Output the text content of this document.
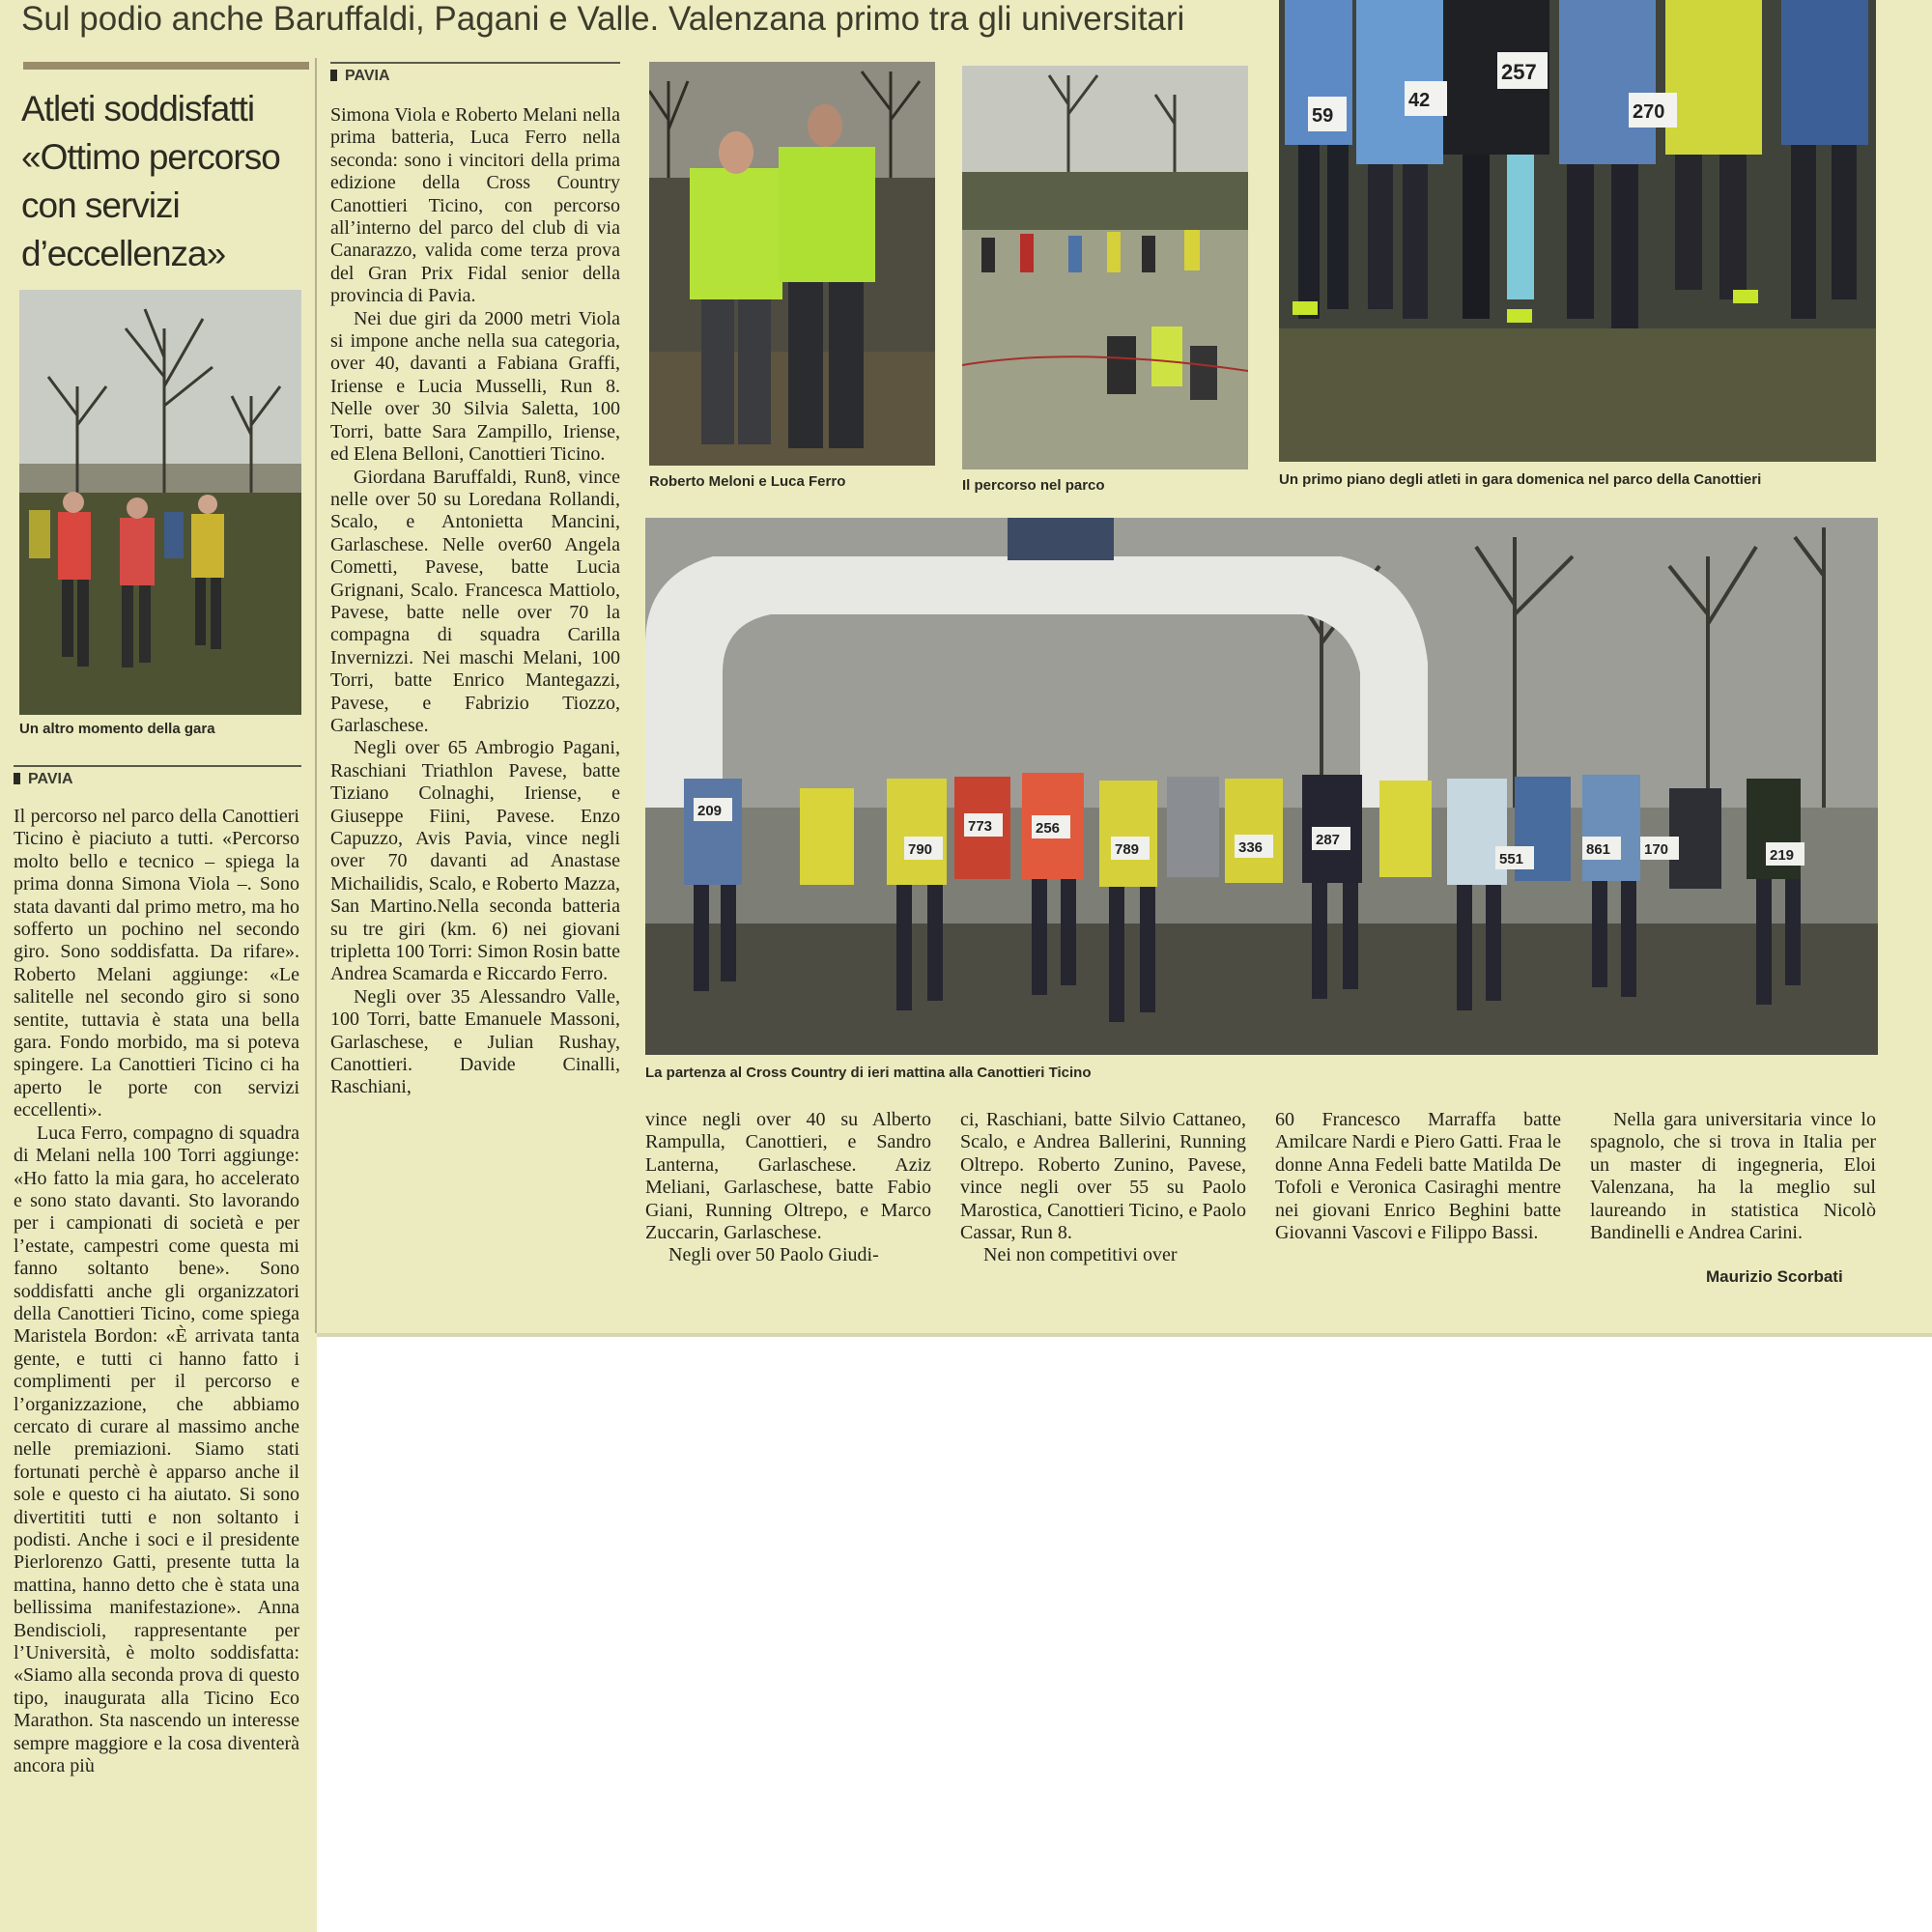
Sul podio anche Baruffaldi, Pagani e Valle. Valenzana primo tra gli universitari
Atleti soddisfatti
«Ottimo percorso
con servizi
d’eccellenza»
Un altro momento della gara
PAVIA

Il percorso nel parco della Canottieri Ticino è piaciuto a tutti. «Percorso molto bello e tecnico – spiega la prima donna Simona Viola –. Sono stata davanti dal primo metro, ma ho sofferto un pochino nel secondo giro. Sono soddisfatta. Da rifare». Roberto Melani aggiunge: «Le salitelle nel secondo giro si sono sentite, tuttavia è stata una bella gara. Fondo morbido, ma si poteva spingere. La Canottieri Ticino ci ha aperto le porte con servizi eccellenti».

Luca Ferro, compagno di squadra di Melani nella 100 Torri aggiunge: «Ho fatto la mia gara, ho accelerato e sono stato davanti. Sto lavorando per i campionati di società e per l’estate, campestri come questa mi fanno soltanto bene». Sono soddisfatti anche gli organizzatori della Canottieri Ticino, come spiega Maristela Bordon: «È arrivata tanta gente, e tutti ci hanno fatto i complimenti per il percorso e l’organizzazione, che abbiamo cercato di curare al massimo anche nelle premiazioni. Siamo stati fortunati perchè è apparso anche il sole e questo ci ha aiutato. Si sono divertititi tutti e non soltanto i podisti. Anche i soci e il presidente Pierlorenzo Gatti, presente tutta la mattina, hanno detto che è stata una bellissima manifestazione». Anna Bendiscioli, rappresentante per l’Università, è molto soddisfatta: «Siamo alla seconda prova di questo tipo, inaugurata alla Ticino Eco Marathon. Sta nascendo un interesse sempre maggiore e la cosa diventerà ancora più

PAVIA

Simona Viola e Roberto Melani nella prima batteria, Luca Ferro nella seconda: sono i vincitori della prima edizione della Cross Country Canottieri Ticino, con percorso all’interno del parco del club di via Canarazzo, valida come terza prova del Gran Prix Fidal senior della provincia di Pavia.

Nei due giri da 2000 metri Viola si impone anche nella sua categoria, over 40, davanti a Fabiana Graffi, Iriense e Lucia Musselli, Run 8. Nelle over 30 Silvia Saletta, 100 Torri, batte Sara Zampillo, Iriense, ed Elena Belloni, Canottieri Ticino.

Giordana Baruffaldi, Run8, vince nelle over 50 su Loredana Rollandi, Scalo, e Antonietta Mancini, Garlaschese. Nelle over60 Angela Cometti, Pavese, batte Lucia Grignani, Scalo. Francesca Mattiolo, Pavese, batte nelle over 70 la compagna di squadra Carilla Invernizzi. Nei maschi Melani, 100 Torri, batte Enrico Mantegazzi, Pavese, e Fabrizio Tiozzo, Garlaschese.

Negli over 65 Ambrogio Pagani, Raschiani Triathlon Pavese, batte Tiziano Colnaghi, Iriense, e Giuseppe Fiini, Pavese. Enzo Capuzzo, Avis Pavia, vince negli over 70 davanti ad Anastase Michailidis, Scalo, e Roberto Mazza, San Martino.Nella seconda batteria su tre giri (km. 6) nei giovani tripletta 100 Torri: Simon Rosin batte Andrea Scamarda e Riccardo Ferro.

Negli over 35 Alessandro Valle, 100 Torri, batte Emanuele Massoni, Garlaschese, e Julian Rushay, Canottieri. Davide Cinalli, Raschiani,

Roberto Meloni e Luca Ferro	Il percorso nel parco
59
42
257
270
Un primo piano degli atleti in gara domenica nel parco della Canottieri
209
790
773	256
789	336	287
551
861 170	219
La partenza al Cross Country di ieri mattina alla Canottieri Ticino

vince negli over 40 su Alberto Rampulla, Canottieri, e Sandro Lanterna, Garlaschese. Aziz Meliani, Garlaschese, batte Fabio Giani, Running Oltrepo, e Marco Zuccarin, Garlaschese.

Negli over 50 Paolo Giudi-

ci, Raschiani, batte Silvio Cattaneo, Scalo, e Andrea Ballerini, Running Oltrepo. Roberto Zunino, Pavese, vince negli over 55 su Paolo Marostica, Canottieri Ticino, e Paolo Cassar, Run 8.

Nei non competitivi over

60 Francesco Marraffa batte Amilcare Nardi e Piero Gatti. Fraa le donne Anna Fedeli batte Matilda De Tofoli e Veronica Casiraghi mentre nei giovani Enrico Beghini batte Giovanni Vascovi e Filippo Bassi.

Nella gara universitaria vince lo spagnolo, che si trova in Italia per un master di ingegneria, Eloi Valenzana, ha la meglio sul laureando in statistica Nicolò Bandinelli e Andrea Carini.

Maurizio Scorbati
